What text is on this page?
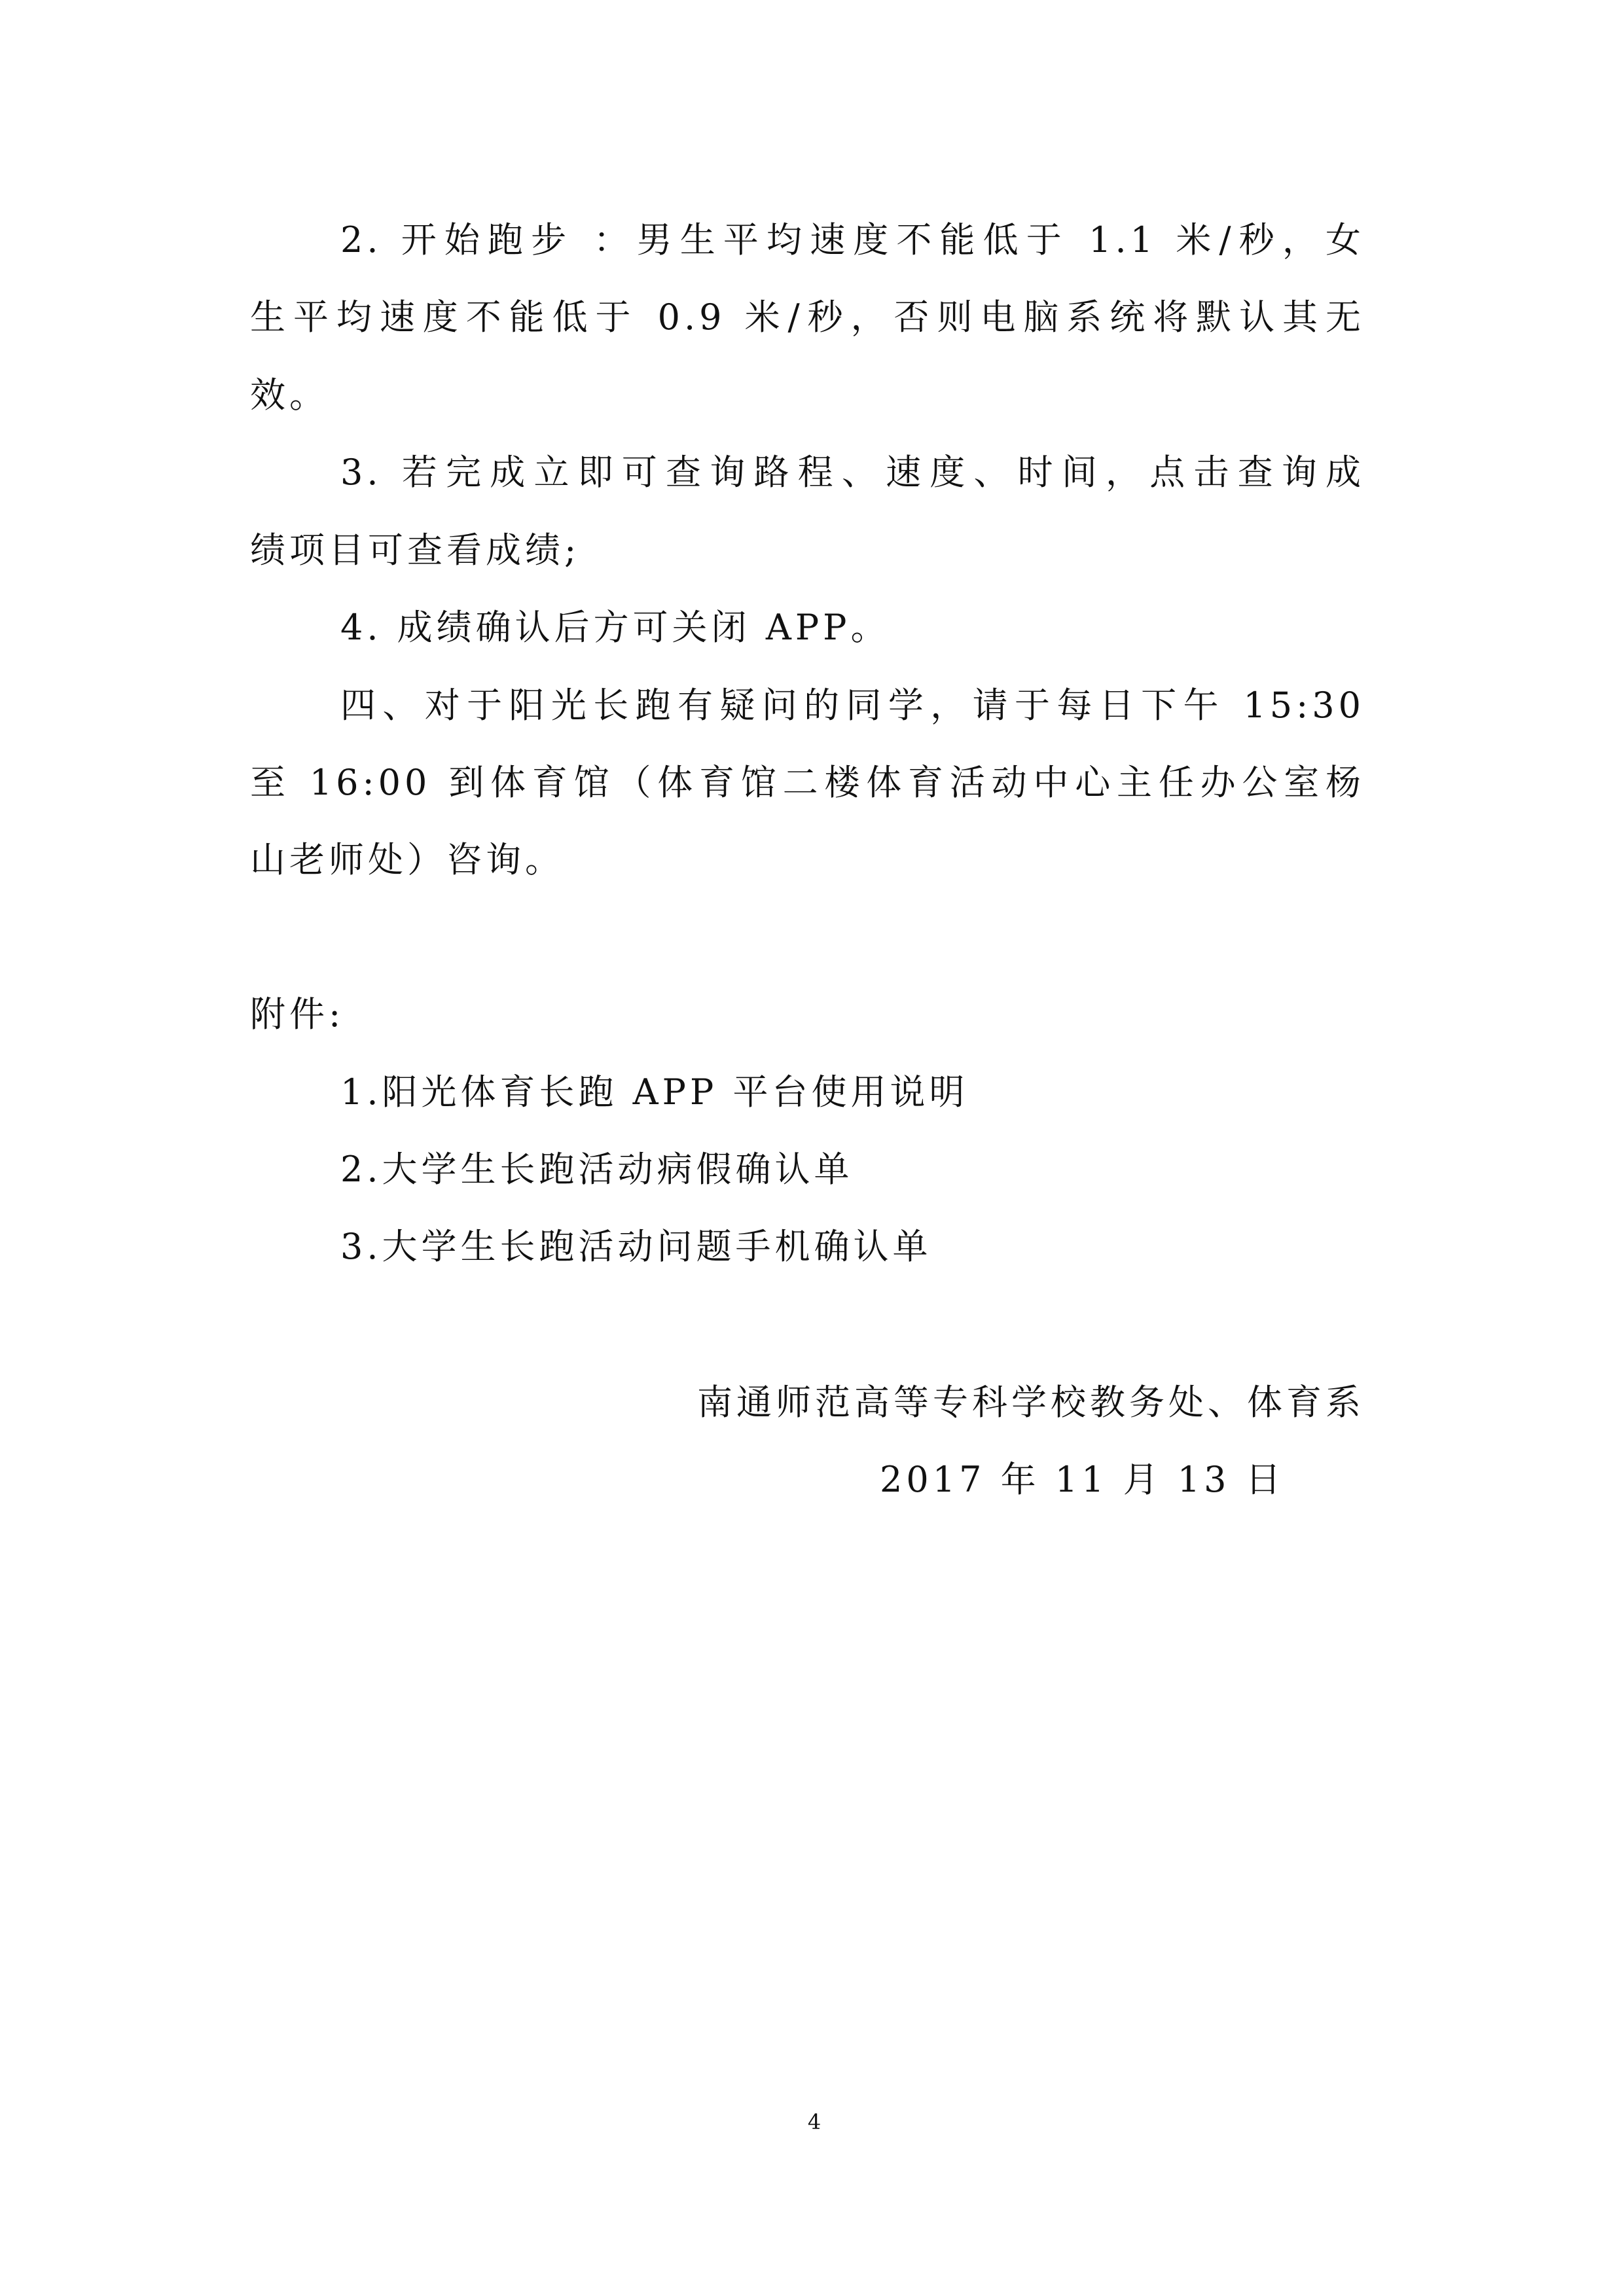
2. 开始跑步 ：男生平均速度不能低于 1.1 米/秒，女
生平均速度不能低于 0.9 米/秒，否则电脑系统将默认其无
效。
3. 若完成立即可查询路程、速度、时间，点击查询成
绩项目可查看成绩;
4. 成绩确认后方可关闭 APP。
四、对于阳光长跑有疑问的同学，请于每日下午 15:30
至 16:00 到体育馆（体育馆二楼体育活动中心主任办公室杨
山老师处）咨询。
附件:
1.阳光体育长跑 APP 平台使用说明
2.大学生长跑活动病假确认单
3.大学生长跑活动问题手机确认单
南通师范高等专科学校教务处、体育系
2017 年 11 月 13 日
4
